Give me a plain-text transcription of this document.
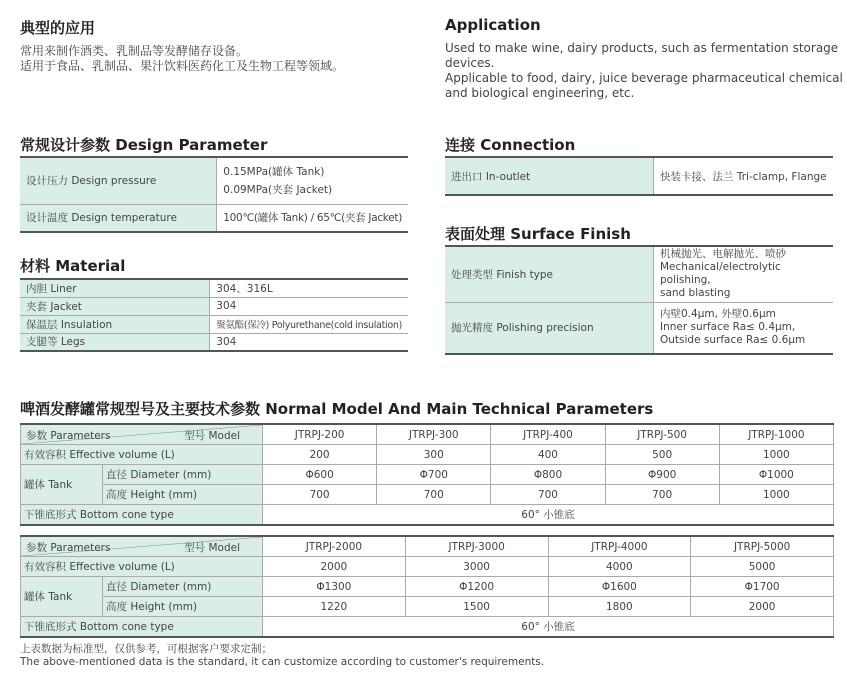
典型的应用
常用来制作酒类、乳制品等发酵储存设备。
适用于食品、乳制品、果汁饮料医药化工及生物工程等领域。
Application
Used to make wine, dairy products, such as fermentation storage
devices.
Applicable to food, dairy, juice beverage pharmaceutical chemical
and biological engineering, etc.
常规设计参数 Design Parameter
设计压力 Design pressure	0.15MPa(罐体 Tank)
0.09MPa(夹套 Jacket)

设计温度 Design temperature	100℃(罐体 Tank) / 65℃(夹套 Jacket)
材料 Material
内胆 Liner	304、316L
夹套 Jacket	304
保温层 Insulation	聚氨酯(保冷) Polyurethane(cold insulation)
支腿等 Legs	304
连接 Connection
进出口 In-outlet	快装卡接、法兰 Tri-clamp, Flange
表面处理 Surface Finish
处理类型 Finish type	机械抛光、电解抛光、喷砂
Mechanical/electrolytic polishing,
sand blasting

抛光精度 Polishing precision	内壁0.4μm, 外壁0.6μm
Inner surface Ra≤ 0.4μm,
Outside surface Ra≤ 0.6μm
啤酒发酵罐常规型号及主要技术参数 Normal Model And Main Technical Parameters
参数 Parameters 型号 Model		JTRPJ-200	JTRPJ-300	JTRPJ-400	JTRPJ-500	JTRPJ-1000
有效容积 Effective volume (L)		200	300	400	500	1000
罐体 Tank	直径 Diameter (mm)	Φ600	Φ700	Φ800	Φ900	Φ1000
	高度 Height (mm)	700	700	700	700	1000
下锥底形式 Bottom cone type		60° 小锥底				
参数 Parameters 型号 Model		JTRPJ-2000	JTRPJ-3000	JTRPJ-4000	JTRPJ-5000
有效容积 Effective volume (L)		2000	3000	4000	5000
罐体 Tank	直径 Diameter (mm)	Φ1300	Φ1200	Φ1600	Φ1700
	高度 Height (mm)	1220	1500	1800	2000
下锥底形式 Bottom cone type		60° 小锥底			
上表数据为标准型，仅供参考，可根据客户要求定制；
The above-mentioned data is the standard, it can customize according to customer's requirements.
